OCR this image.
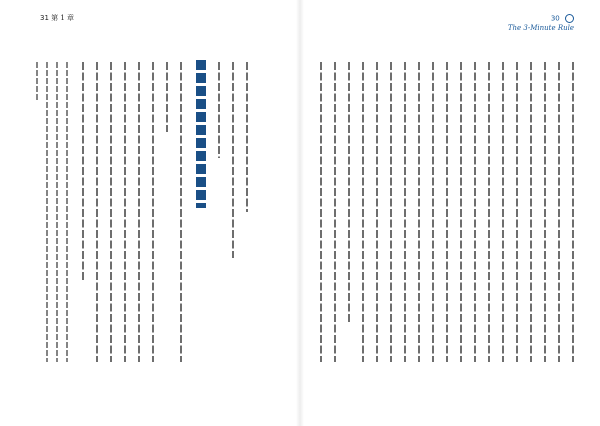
31 第 1 章	30
The 3-Minute Rule
